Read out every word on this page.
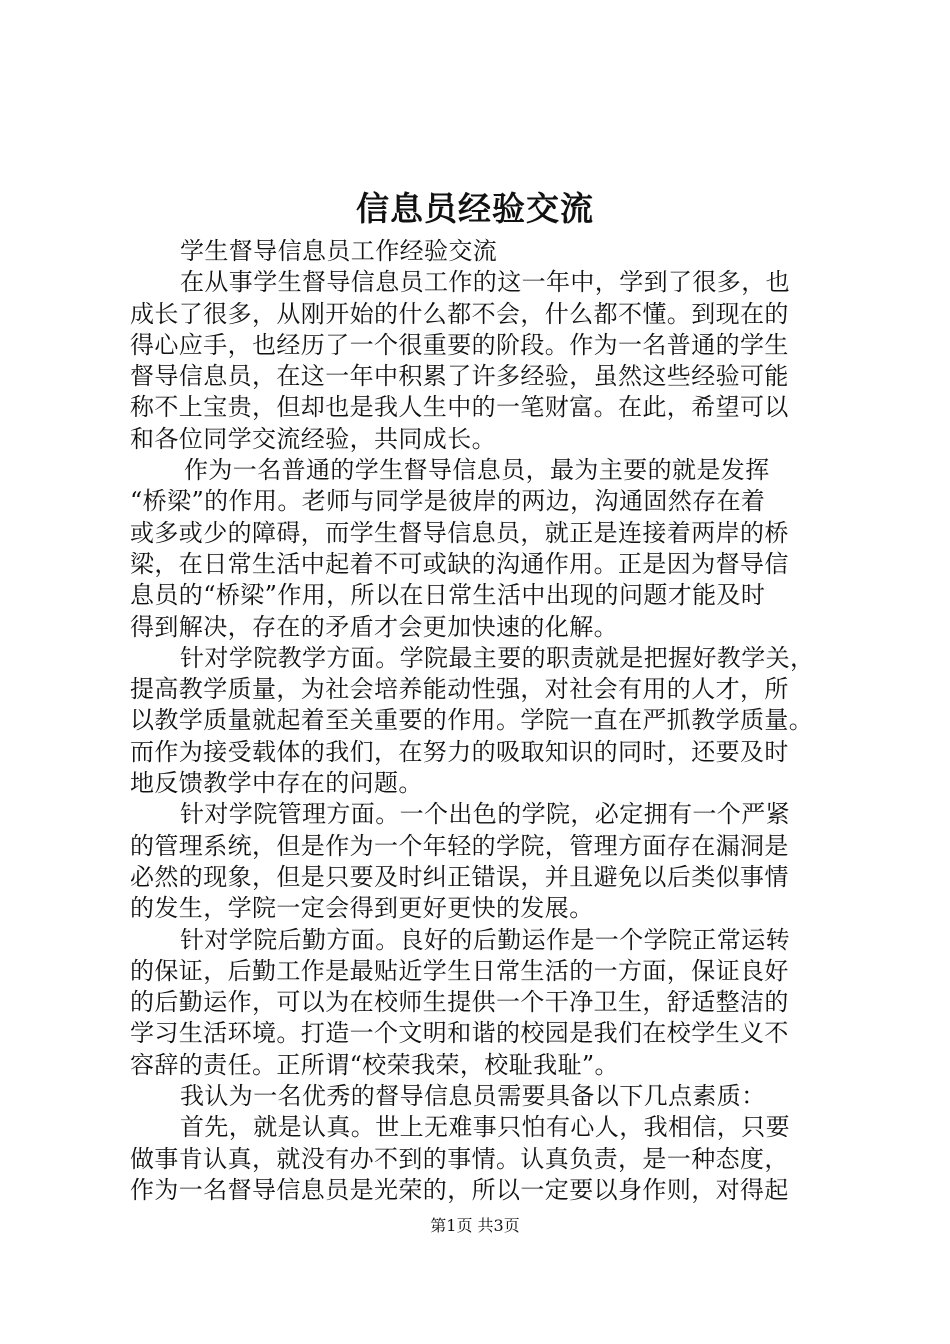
信息员经验交流
学生督导信息员工作经验交流
在从事学生督导信息员工作的这一年中，学到了很多，也
成长了很多，从刚开始的什么都不会，什么都不懂。到现在的
得心应手，也经历了一个很重要的阶段。作为一名普通的学生
督导信息员，在这一年中积累了许多经验，虽然这些经验可能
称不上宝贵，但却也是我人生中的一笔财富。在此，希望可以
和各位同学交流经验，共同成长。
作为一名普通的学生督导信息员，最为主要的就是发挥
“桥梁”的作用。老师与同学是彼岸的两边，沟通固然存在着
或多或少的障碍，而学生督导信息员，就正是连接着两岸的桥
梁，在日常生活中起着不可或缺的沟通作用。正是因为督导信
息员的“桥梁”作用，所以在日常生活中出现的问题才能及时
得到解决，存在的矛盾才会更加快速的化解。
针对学院教学方面。学院最主要的职责就是把握好教学关，
提高教学质量，为社会培养能动性强，对社会有用的人才，所
以教学质量就起着至关重要的作用。学院一直在严抓教学质量。
而作为接受载体的我们，在努力的吸取知识的同时，还要及时
地反馈教学中存在的问题。
针对学院管理方面。一个出色的学院，必定拥有一个严紧
的管理系统，但是作为一个年轻的学院，管理方面存在漏洞是
必然的现象，但是只要及时纠正错误，并且避免以后类似事情
的发生，学院一定会得到更好更快的发展。
针对学院后勤方面。良好的后勤运作是一个学院正常运转
的保证，后勤工作是最贴近学生日常生活的一方面，保证良好
的后勤运作，可以为在校师生提供一个干净卫生，舒适整洁的
学习生活环境。打造一个文明和谐的校园是我们在校学生义不
容辞的责任。正所谓“校荣我荣，校耻我耻”。
我认为一名优秀的督导信息员需要具备以下几点素质：
首先，就是认真。世上无难事只怕有心人，我相信，只要
做事肯认真，就没有办不到的事情。认真负责，是一种态度，
作为一名督导信息员是光荣的，所以一定要以身作则，对得起
第1页 共3页
